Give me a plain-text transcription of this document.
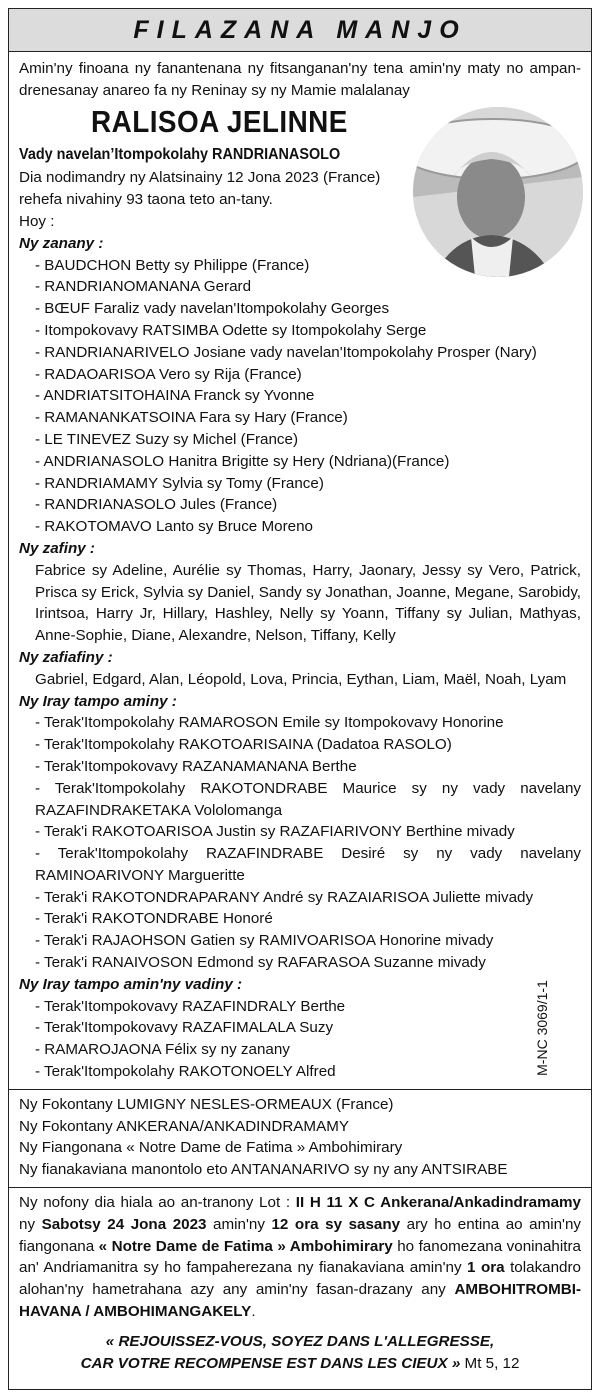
FILAZANA MANJO
Amin'ny finoana ny fanantenana ny fitsanganan'ny tena amin'ny maty no ampan-drenesanay anareo fa ny Reninay sy ny Mamie malalanay
RALISOA JELINNE
Vady navelan’Itompokolahy RANDRIANASOLO
Dia nodimandry ny Alatsinainy 12 Jona 2023 (France)
rehefa nivahiny 93 taona teto an-tany.
Hoy :
Ny zanany :
- BAUDCHON Betty sy Philippe (France)
- RANDRIANOMANANA Gerard
- BŒUF Faraliz vady navelan'Itompokolahy Georges
- Itompokovavy RATSIMBA Odette sy Itompokolahy Serge
- RANDRIANARIVELO Josiane vady navelan'Itompokolahy Prosper (Nary)
- RADAOARISOA Vero sy Rija (France)
- ANDRIATSITOHAINA Franck sy Yvonne
- RAMANANKATSOINA Fara sy Hary (France)
- LE TINEVEZ Suzy sy Michel (France)
- ANDRIANASOLO Hanitra Brigitte sy Hery (Ndriana)(France)
- RANDRIAMAMY Sylvia sy Tomy (France)
- RANDRIANASOLO Jules (France)
- RAKOTOMAVO Lanto sy Bruce Moreno
Ny zafiny :
Fabrice sy Adeline, Aurélie sy Thomas, Harry, Jaonary, Jessy sy Vero, Patrick, Prisca sy Erick, Sylvia sy Daniel, Sandy sy Jonathan, Joanne, Megane, Sarobidy, Irintsoa, Harry Jr, Hillary, Hashley, Nelly sy Yoann, Tiffany sy Julian, Mathyas, Anne-Sophie, Diane, Alexandre, Nelson, Tiffany, Kelly
Ny zafiafiny :
Gabriel, Edgard, Alan, Léopold, Lova, Princia, Eythan, Liam, Maël, Noah, Lyam
Ny Iray tampo aminy :
- Terak'Itompokolahy RAMAROSON Emile sy Itompokovavy Honorine
- Terak'Itompokolahy RAKOTOARISAINA (Dadatoa RASOLO)
- Terak'Itompokovavy RAZANAMANANA Berthe
- Terak'Itompokolahy RAKOTONDRABE Maurice sy ny vady navelany RAZAFINDRAKETAKA Vololomanga
- Terak'i RAKOTOARISOA Justin sy RAZAFIARIVONY Berthine mivady
- Terak'Itompokolahy RAZAFINDRABE Desiré sy ny vady navelany RAMINOARIVONY Margueritte
- Terak'i RAKOTONDRAPARANY André sy RAZAIARISOA Juliette mivady
- Terak'i RAKOTONDRABE Honoré
- Terak'i RAJAOHSON Gatien sy RAMIVOARISOA Honorine mivady
- Terak'i RANAIVOSON Edmond sy RAFARASOA Suzanne mivady
Ny Iray tampo amin'ny vadiny :
- Terak'Itompokovavy RAZAFINDRALY Berthe
- Terak'Itompokovavy RAZAFIMALALA Suzy
- RAMAROJAONA Félix sy ny zanany
- Terak'Itompokolahy RAKOTONOELY Alfred
Ny Fokontany LUMIGNY NESLES-ORMEAUX (France)
Ny Fokontany ANKERANA/ANKADINDRAMAMY
Ny Fiangonana « Notre Dame de Fatima » Ambohimirary
Ny fianakaviana manontolo eto ANTANANARIVO sy ny any ANTSIRABE
Ny nofony dia hiala ao an-tranony Lot : II H 11 X C Ankerana/Ankadindramamy ny Sabotsy 24 Jona 2023 amin'ny 12 ora sy sasany ary ho entina ao amin'ny fiangonana « Notre Dame de Fatima » Ambohimirary ho fanomezana voninahitra an' Andriamanitra sy ho fampaherezana ny fianakaviana amin'ny 1 ora tolakandro alohan'ny hametrahana azy any amin'ny fasan-drazany any AMBOHITROMBI-HAVANA / AMBOHIMANGAKELY.
« REJOUISSEZ-VOUS, SOYEZ DANS L'ALLEGRESSE,
CAR VOTRE RECOMPENSE EST DANS LES CIEUX » Mt 5, 12
M-NC 3069/1-1
